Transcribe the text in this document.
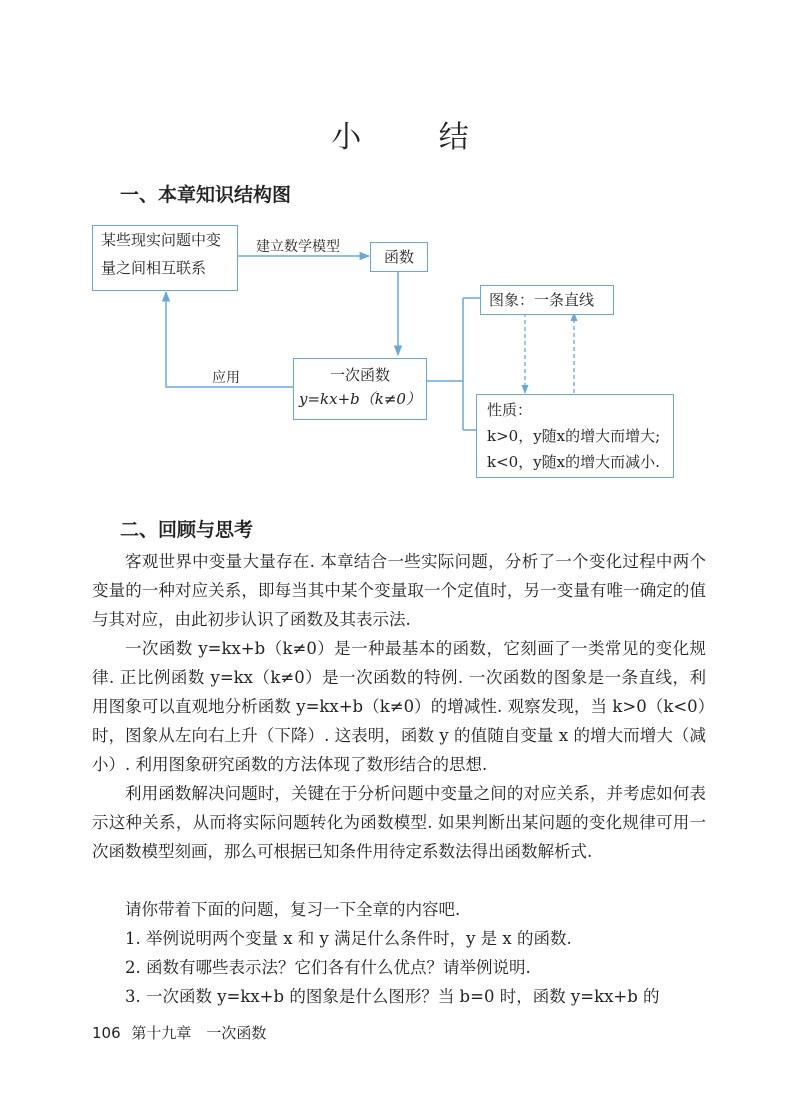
小 结
一、本章知识结构图
某些现实问题中变
量之间相互联系
建立数学模型
函数
一次函数
y=kx+b（k≠0）
应用
图象：一条直线
性质：
k>0，y随x的增大而增大;
k<0，y随x的增大而减小.
二、回顾与思考

客观世界中变量大量存在. 本章结合一些实际问题，分析了一个变化过程中两个变量的一种对应关系，即每当其中某个变量取一个定值时，另一变量有唯一确定的值与其对应，由此初步认识了函数及其表示法.

一次函数 y=kx+b（k≠0）是一种最基本的函数，它刻画了一类常见的变化规律. 正比例函数 y=kx（k≠0）是一次函数的特例. 一次函数的图象是一条直线，利用图象可以直观地分析函数 y=kx+b（k≠0）的增减性. 观察发现，当 k>0（k<0）时，图象从左向右上升（下降）. 这表明，函数 y 的值随自变量 x 的增大而增大（减小）. 利用图象研究函数的方法体现了数形结合的思想.

利用函数解决问题时，关键在于分析问题中变量之间的对应关系，并考虑如何表示这种关系，从而将实际问题转化为函数模型. 如果判断出某问题的变化规律可用一次函数模型刻画，那么可根据已知条件用待定系数法得出函数解析式.

请你带着下面的问题，复习一下全章的内容吧.

1. 举例说明两个变量 x 和 y 满足什么条件时，y 是 x 的函数.

2. 函数有哪些表示法？它们各有什么优点？请举例说明.

3. 一次函数 y=kx+b 的图象是什么图形？当 b=0 时，函数 y=kx+b 的

106 第十九章　一次函数
